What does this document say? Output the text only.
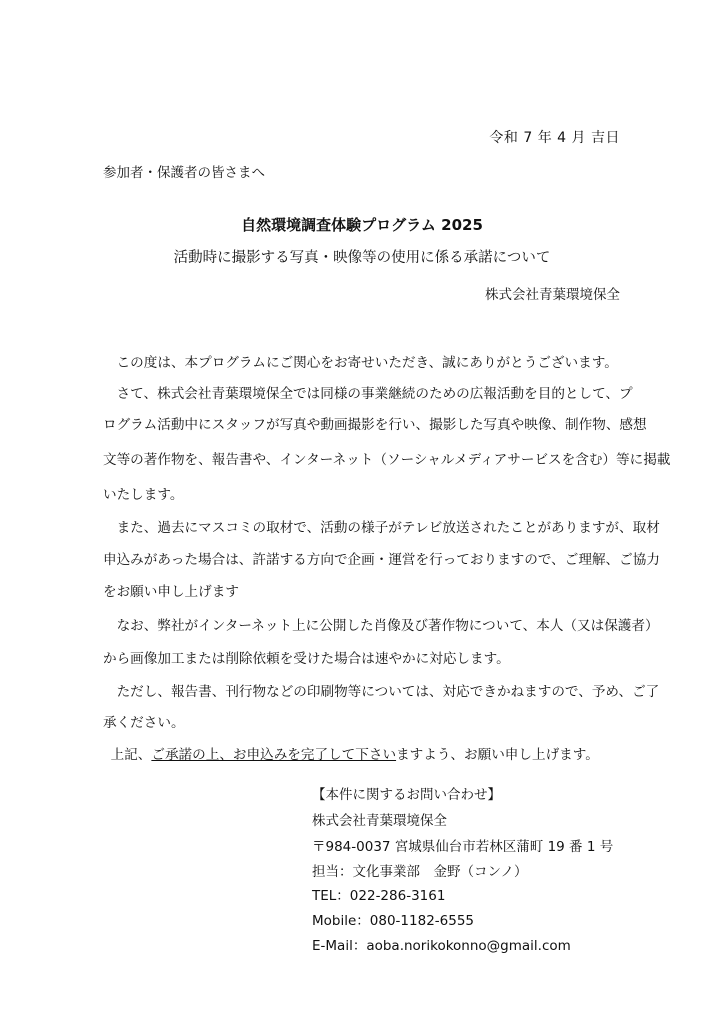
令和 7 年 4 月 吉日
参加者・保護者の皆さまへ
自然環境調査体験プログラム 2025
活動時に撮影する写真・映像等の使用に係る承諾について
株式会社青葉環境保全
　この度は、本プログラムにご関心をお寄せいただき、誠にありがとうございます。
　さて、株式会社青葉環境保全では同様の事業継続のための広報活動を目的として、プ
ログラム活動中にスタッフが写真や動画撮影を行い、撮影した写真や映像、制作物、感想
文等の著作物を、報告書や、インターネット（ソーシャルメディアサービスを含む）等に掲載
いたします。
　また、過去にマスコミの取材で、活動の様子がテレビ放送されたことがありますが、取材
申込みがあった場合は、許諾する方向で企画・運営を行っておりますので、ご理解、ご協力
をお願い申し上げます
　なお、弊社がインターネット上に公開した肖像及び著作物について、本人（又は保護者）
から画像加工または削除依頼を受けた場合は速やかに対応します。
　ただし、報告書、刊行物などの印刷物等については、対応できかねますので、予め、ご了
承ください。
　上記、ご承諾の上、お申込みを完了して下さいますよう、お願い申し上げます。
【本件に関するお問い合わせ】
株式会社青葉環境保全
〒984-0037 宮城県仙台市若林区蒲町 19 番 1 号
担当：文化事業部　金野（コンノ）
TEL：022-286-3161
Mobile：080-1182-6555
E-Mail：aoba.norikokonno@gmail.com
